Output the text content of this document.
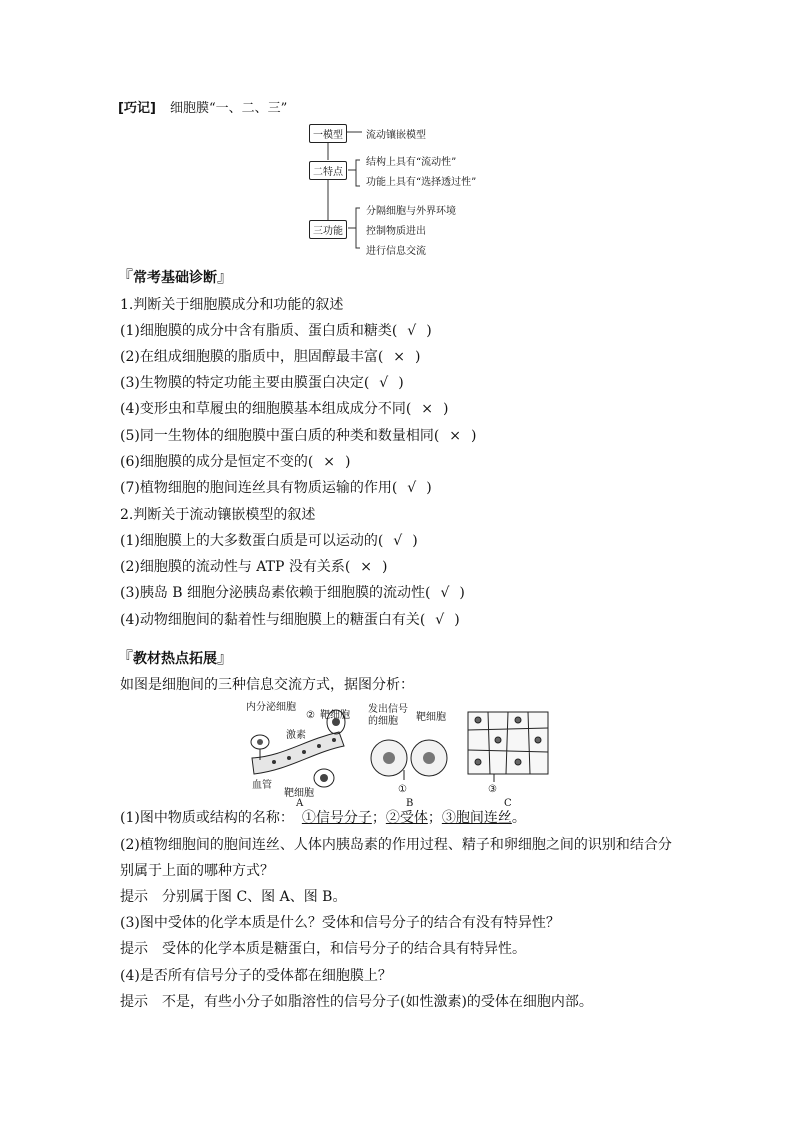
[巧记] 细胞膜“一、二、三”
一模型
二特点
三功能
流动镶嵌模型
结构上具有“流动性”
功能上具有“选择透过性”
分隔细胞与外界环境
控制物质进出
进行信息交流
『常考基础诊断』
1.判断关于细胞膜成分和功能的叙述
(1)细胞膜的成分中含有脂质、蛋白质和糖类( √ )
(2)在组成细胞膜的脂质中，胆固醇最丰富( × )
(3)生物膜的特定功能主要由膜蛋白决定( √ )
(4)变形虫和草履虫的细胞膜基本组成成分不同( × )
(5)同一生物体的细胞膜中蛋白质的种类和数量相同( × )
(6)细胞膜的成分是恒定不变的( × )
(7)植物细胞的胞间连丝具有物质运输的作用( √ )
2.判断关于流动镶嵌模型的叙述
(1)细胞膜上的大多数蛋白质是可以运动的( √ )
(2)细胞膜的流动性与 ATP 没有关系( × )
(3)胰岛 B 细胞分泌胰岛素依赖于细胞膜的流动性( √ )
(4)动物细胞间的黏着性与细胞膜上的糖蛋白有关( √ )
『教材热点拓展』
如图是细胞间的三种信息交流方式，据图分析：
内分泌细胞
② 靶细胞
激素
血管
靶细胞
A
发出信号
的细胞 靶细胞
①
B
③
C
(1)图中物质或结构的名称： ①信号分子；②受体；③胞间连丝。
(2)植物细胞间的胞间连丝、人体内胰岛素的作用过程、精子和卵细胞之间的识别和结合分
别属于上面的哪种方式？
提示 分别属于图 C、图 A、图 B。
(3)图中受体的化学本质是什么？受体和信号分子的结合有没有特异性？
提示 受体的化学本质是糖蛋白，和信号分子的结合具有特异性。
(4)是否所有信号分子的受体都在细胞膜上？
提示 不是，有些小分子如脂溶性的信号分子(如性激素)的受体在细胞内部。
